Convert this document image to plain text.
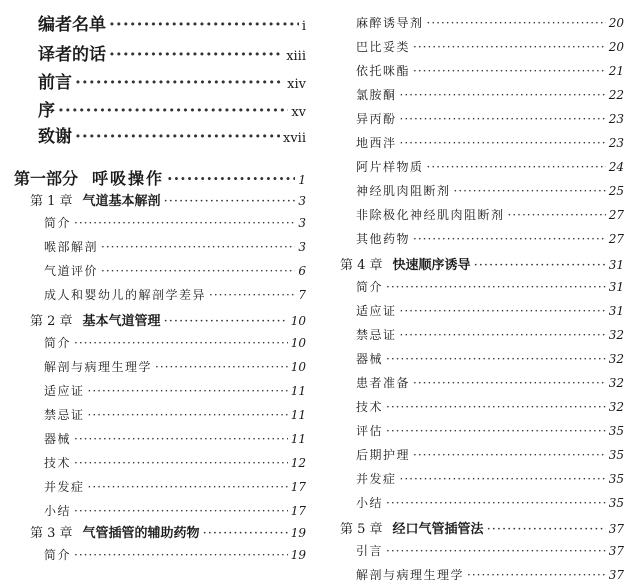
编者名单 ·····	i
译者的话 ·····	xiii
前言 ·····	xiv
序 ·····	xv
致谢 ·····	xvii
第一部分 呼吸操作 ·····	1
第 1 章 气道基本解剖 ·····	3
简介 ·····	3
喉部解剖 ·····	3
气道评价 ·····	6
成人和婴幼儿的解剖学差异 ·····	7
第 2 章 基本气道管理 ·····	10
简介 ·····	10
解剖与病理生理学 ·····	10
适应证 ·····	11
禁忌证 ·····	11
器械 ·····	11
技术 ·····	12
并发症 ·····	17
小结 ·····	17
第 3 章 气管插管的辅助药物 ·····	19
简介 ·····	19
麻醉诱导剂 ·····	20
巴比妥类 ·····	20
依托咪酯 ·····	21
氯胺酮 ·····	22
异丙酚 ·····	23
地西泮 ·····	23
阿片样物质 ·····	24
神经肌肉阻断剂 ·····	25
非除极化神经肌肉阻断剂 ·····	27
其他药物 ·····	27
第 4 章 快速顺序诱导 ·····	31
简介 ·····	31
适应证 ·····	31
禁忌证 ·····	32
器械 ·····	32
患者准备 ·····	32
技术 ·····	32
评估 ·····	35
后期护理 ·····	35
并发症 ·····	35
小结 ·····	35
第 5 章 经口气管插管法 ·····	37
引言 ·····	37
解剖与病理生理学 ·····	37
